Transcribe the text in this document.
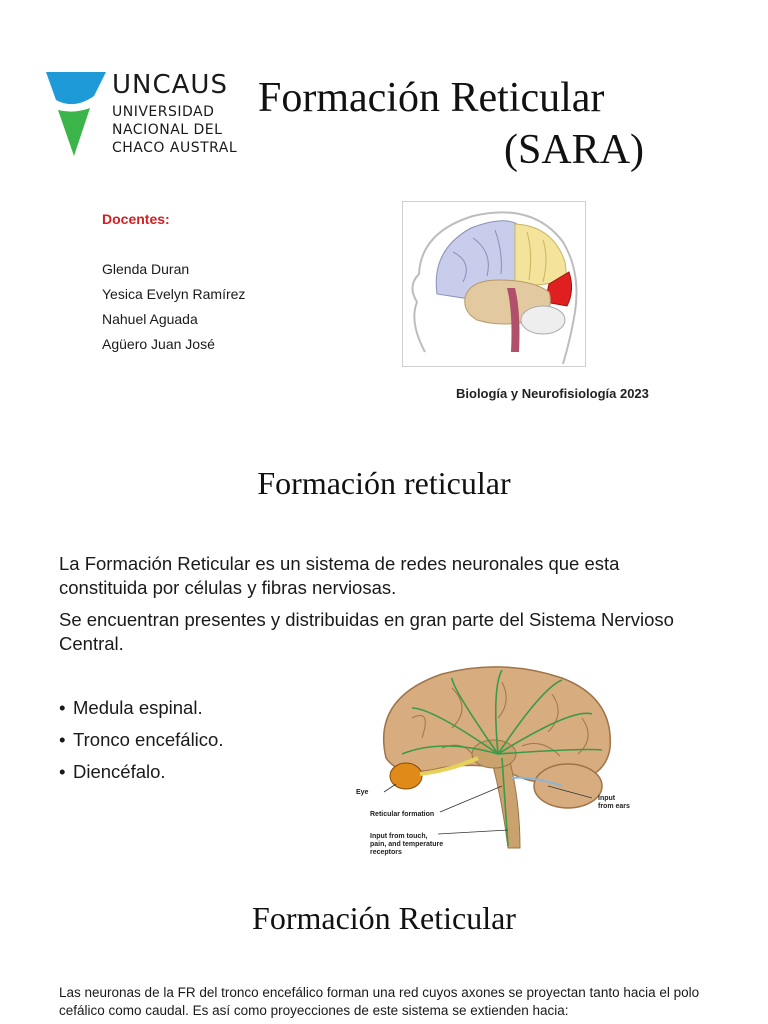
UNCAUS
UNIVERSIDAD
NACIONAL DEL
CHACO AUSTRAL
Formación Reticular
(SARA)
Docentes:
Glenda Duran
Yesica Evelyn Ramírez
Nahuel Aguada
Agüero Juan José
Biología y Neurofisiología 2023
Formación reticular
La Formación Reticular es un sistema de redes neuronales que esta constituida por células y fibras nerviosas.
Se encuentran presentes y distribuidas en gran parte del Sistema Nervioso Central.
• Medula espinal.
• Tronco encefálico.
• Diencéfalo.
Eye
Reticular formation
Input
from ears
Input from touch,
pain, and temperature
receptors
Formación Reticular
Las neuronas de la FR del tronco encefálico forman una red cuyos axones se proyectan tanto hacia el polo cefálico como caudal. Es así como proyecciones de este sistema se extienden hacia:
